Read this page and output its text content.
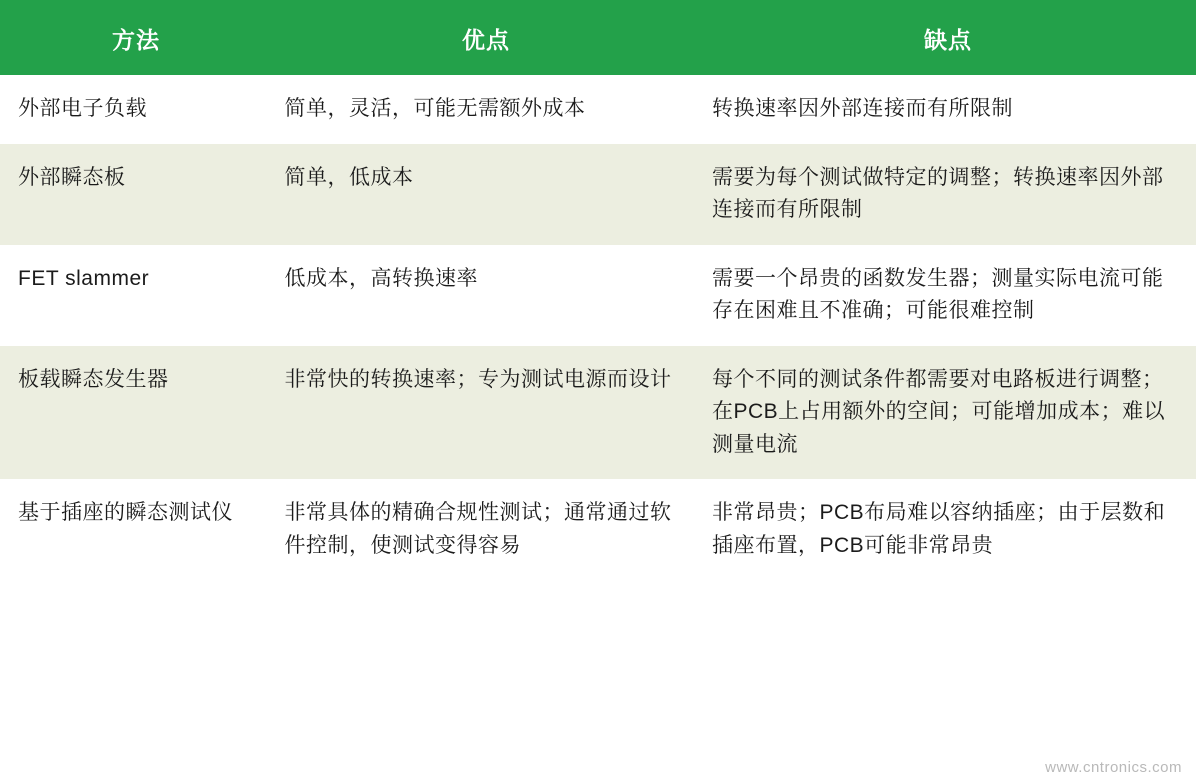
方法	优点	缺点
外部电子负载	简单，灵活，可能无需额外成本	转换速率因外部连接而有所限制
外部瞬态板	简单，低成本	需要为每个测试做特定的调整；转换速率因外部连接而有所限制
FET slammer	低成本，高转换速率	需要一个昂贵的函数发生器；测量实际电流可能存在困难且不准确；可能很难控制
板载瞬态发生器	非常快的转换速率；专为测试电源而设计	每个不同的测试条件都需要对电路板进行调整；在PCB上占用额外的空间；可能增加成本；难以测量电流
基于插座的瞬态测试仪	非常具体的精确合规性测试；通常通过软件控制，使测试变得容易	非常昂贵；PCB布局难以容纳插座；由于层数和插座布置，PCB可能非常昂贵
www.cntronics.com
